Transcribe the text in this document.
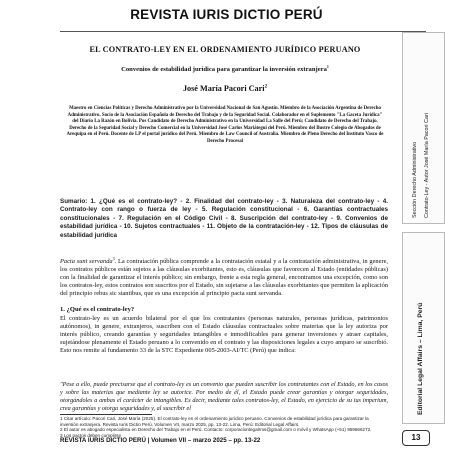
REVISTA IURIS DICTIO PERÚ
EL CONTRATO-LEY EN EL ORDENAMIENTO JURÍDICO PERUANO
Convenios de estabilidad jurídica para garantizar la inversión extranjera$^1$
José María Pacori Cari$^2$
Maestro en Ciencias Políticas y Derecho Administrativo por la Universidad Nacional de San Agustín. Miembro de la Asociación Argentina de Derecho Administrativo. Socio de la Asociación Española de Derecho del Trabajo y de la Seguridad Social. Colaborador en el Suplemento "La Gaceta Jurídica" del Diario La Razón en Bolivia. Pos Candidato de Derecho Administrativo en la Universidad La Salle del Perú; Candidato de Derecho del Trabajo. Derecho de la Seguridad Social y Derecho Comercial en la Universidad José Carlos Mariátegui del Perú. Miembro del Ilustre Colegio de Abogados de Arequipa en el Perú. Docente de LP el portal jurídico del Perú. Miembro de Law Council of Australia. Miembro de Pleno Derecho del Instituto Vasco de Derecho Procesal
Sumario: 1. ¿Qué es el contrato-ley? - 2. Finalidad del contrato-ley - 3. Naturaleza del contrato-ley - 4. Contrato-ley con rango o fuerza de ley - 5. Regulación constitucional - 6. Garantías contractuales constitucionales - 7. Regulación en el Código Civil - 8. Suscripción del contrato-ley - 9. Convenios de estabilidad jurídica - 10. Sujetos contractuales - 11. Objeto de la contratación-ley - 12. Tipos de cláusulas de estabilidad jurídica
Pacta sunt servanda$^3$. La contratación pública comprende a la contratación estatal y a la contratación administrativa, in genere, los contratos públicos están sujetos a las cláusulas exorbitantes, esto es, cláusulas que favorecen al Estado (entidades públicas) con la finalidad de garantizar el interés público; sin embargo, frente a esta regla general, encontramos una excepción, como son los contratos-ley, estos contratos son suscritos por el Estado, sin sujetarse a las cláusulas exorbitantes que permiten la aplicación del principio rebus sic stantibus, que es una excepción al principio pacta sunt servanda.
1. ¿Qué es el contrato-ley?
El contrato-ley es un acuerdo bilateral por el que los contratantes (personas naturales, personas jurídicas, patrimonios autónomos), in genere, extranjeros, suscriben con el Estado cláusulas contractuales sobre materias que la ley autoriza por interés público, creando garantías y seguridades intangibles e inmodificables para generar inversiones y atraer capitales, sujetándose plenamente el Estado peruano a lo convenido en el contrato y las disposiciones legales a cuyo amparo se suscribió. Esto nos remite al fundamento 33 de la STC Expediente 005-2003-AI/TC (Perú) que indica:
"Pese a ello, puede precisarse que el contrato-ley es un convenio que pueden suscribir los contratantes con el Estado, en los casos y sobre las materias que mediante ley se autorice. Por medio de él, el Estado puede crear garantías y otorgar seguridades, otorgándoles a ambas el carácter de intangibles. Es decir, mediante tales contratos-ley, el Estado, en ejercicio de su ius imperium, crea garantías y otorga seguridades y, al suscribir el

1 Citar artículo: Pacori Cari, José María (2025). El contrato-ley en el ordenamiento jurídico peruano. Convenios de estabilidad jurídica para garantizar la inversión extranjera. Revista Iuris Dictio Perú, Volumen VII, marzo 2025, pp. 13-22. Lima, Perú: Editorial Legal Affairs.

2 El autor es abogado especialista en Derecho del Trabajo en el Perú. Contacto: corporacionlegalrms@gmail.com o móvil y WhatsApp (+51) 959666272.

3 Los pactos deben cumplirse

REVISTA IURIS DICTIO PERÚ | Volumen VII – marzo 2025 – pp. 13-22	13
Sección Derecho Administrativo Contrato-Ley - Autor José María Pacori Cari
Editorial Legal Affairs – Lima, Perú
